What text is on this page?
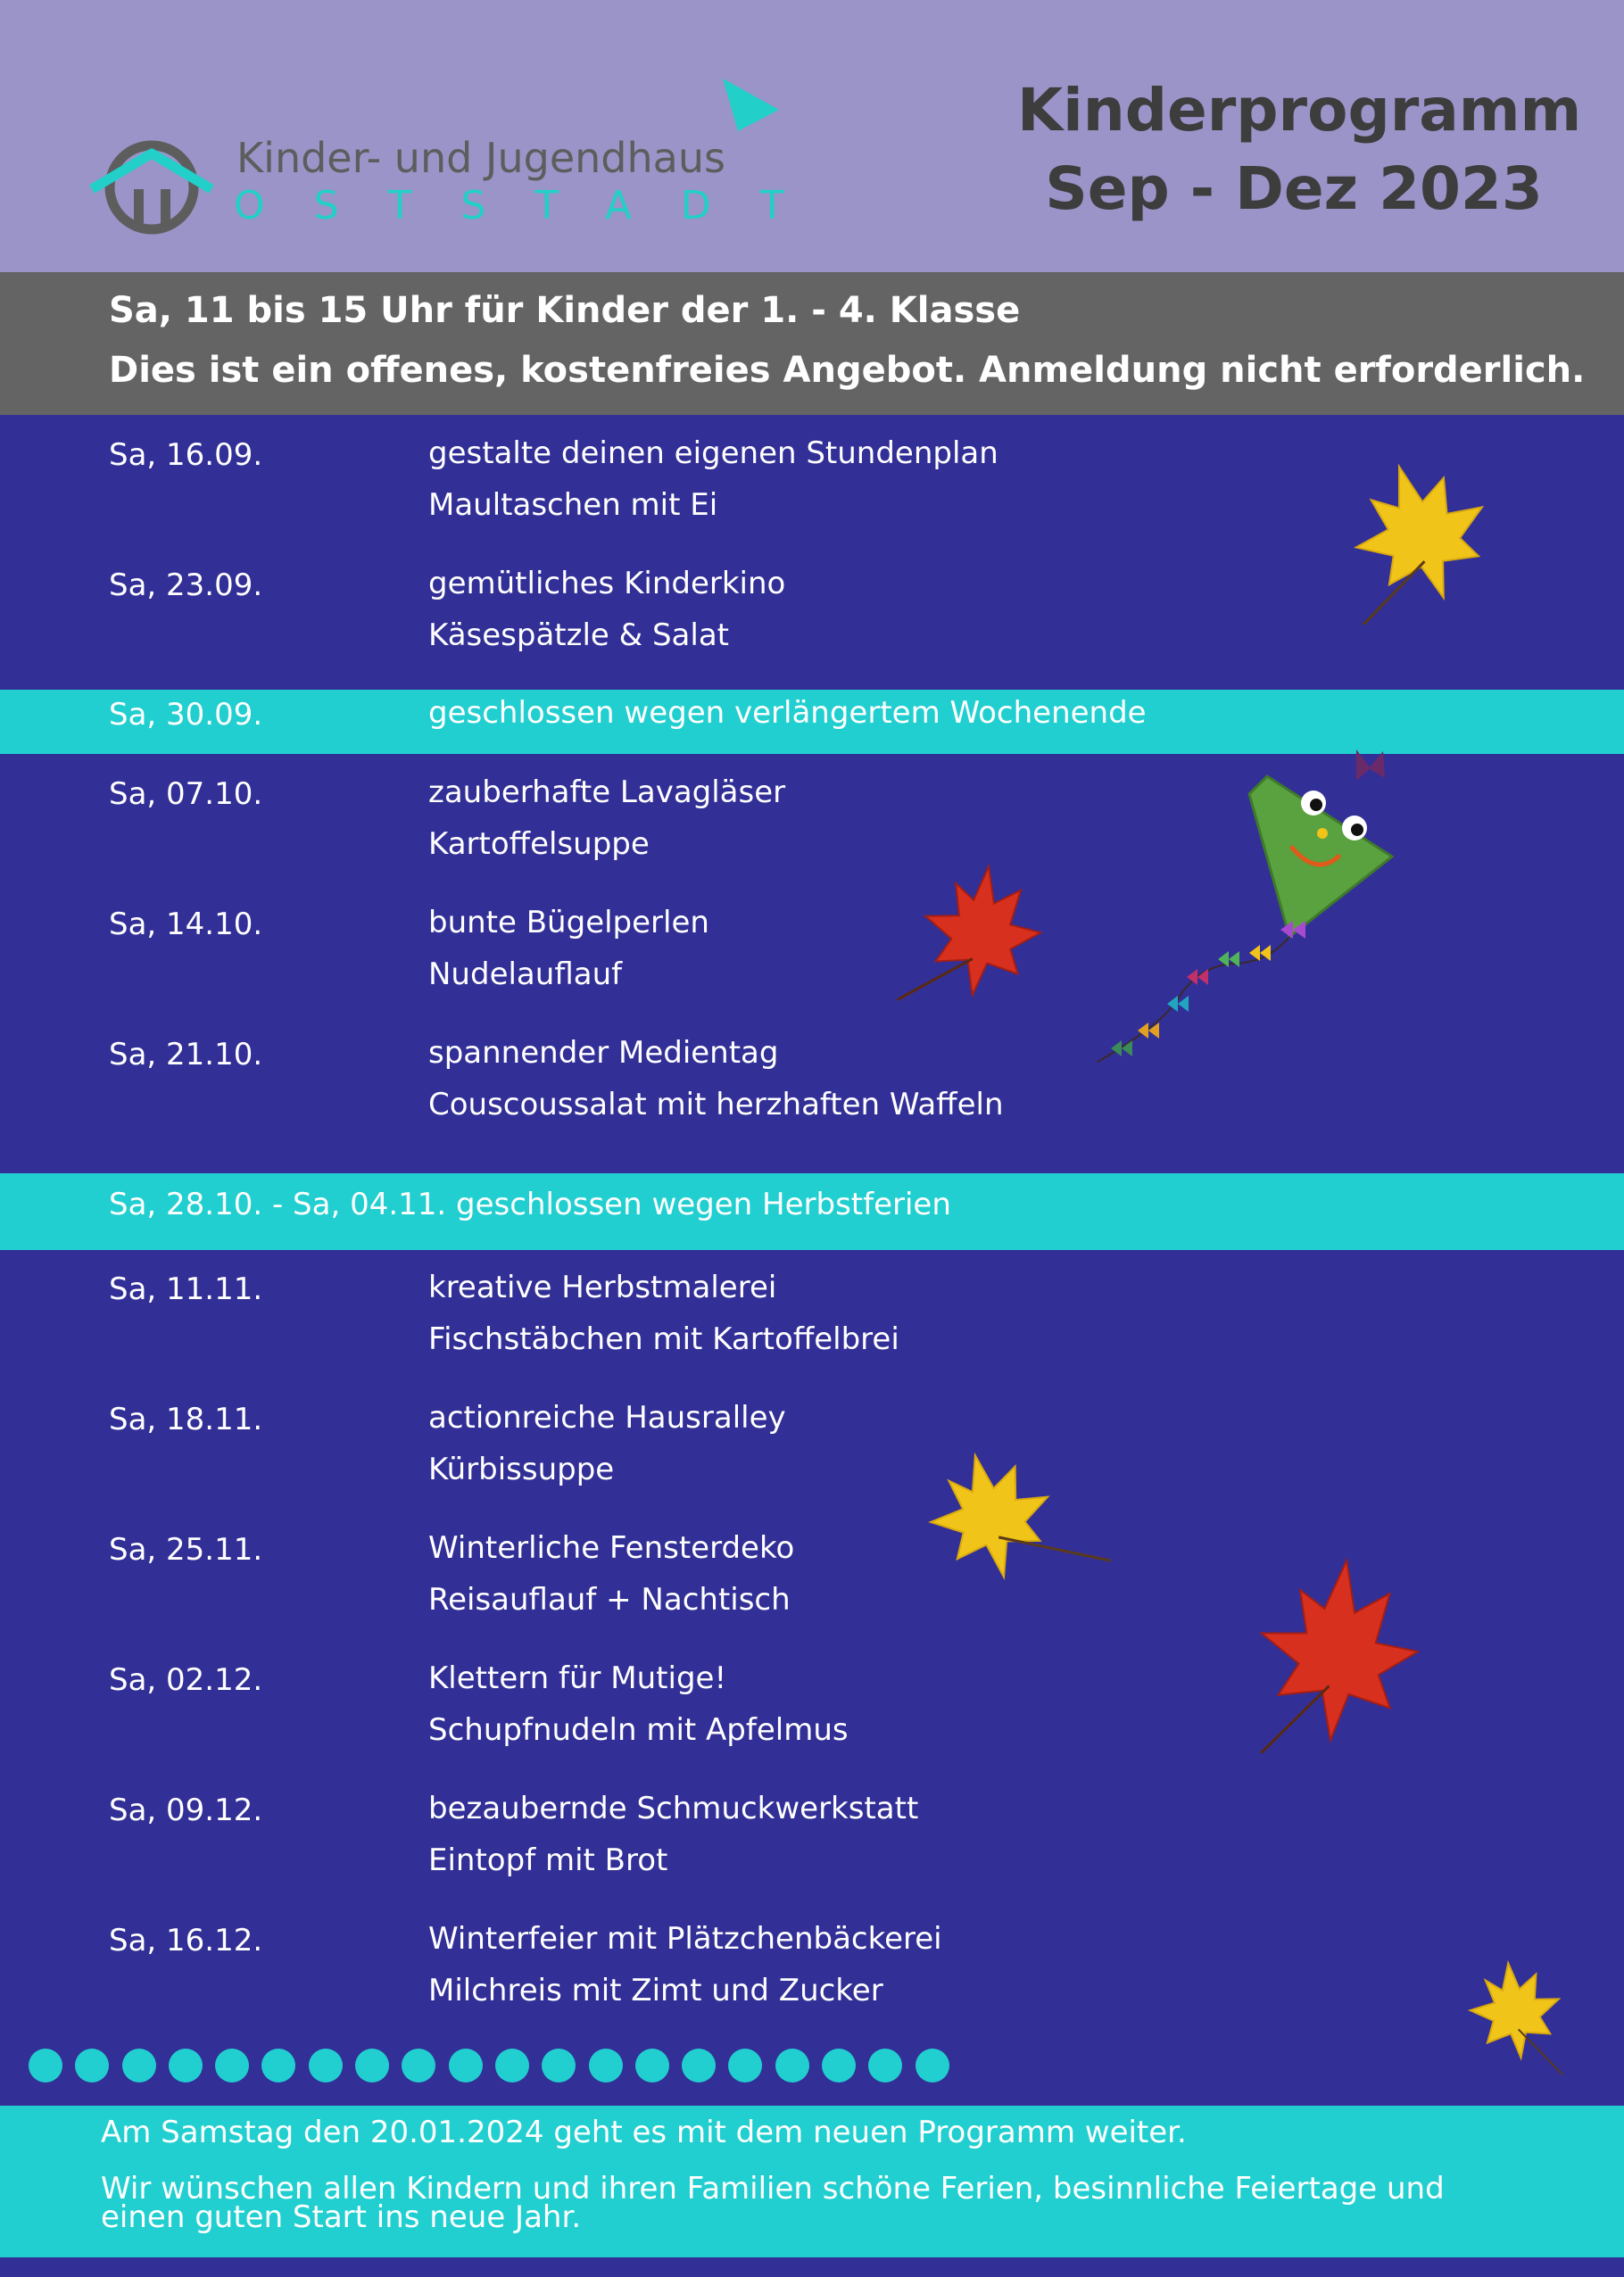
Kinder- und Jugendhaus
OSTSTADT
Kinderprogramm
Sep - Dez 2023
Sa, 11 bis 15 Uhr für Kinder der 1. - 4. Klasse
Dies ist ein offenes, kostenfreies Angebot. Anmeldung nicht erforderlich.
Sa, 16.09.	gestalte deinen eigenen Stundenplan
Maultaschen mit Ei
Sa, 23.09.	gemütliches Kinderkino
Käsespätzle & Salat
Sa, 30.09.	geschlossen wegen verlängertem Wochenende
Sa, 07.10.	zauberhafte Lavagläser
Kartoffelsuppe
Sa, 14.10.	bunte Bügelperlen
Nudelauflauf
Sa, 21.10.	spannender Medientag
Couscoussalat mit herzhaften Waffeln
Sa, 28.10. - Sa, 04.11. geschlossen wegen Herbstferien
Sa, 11.11.	kreative Herbstmalerei
Fischstäbchen mit Kartoffelbrei
Sa, 18.11.	actionreiche Hausralley
Kürbissuppe
Sa, 25.11.	Winterliche Fensterdeko
Reisauflauf + Nachtisch
Sa, 02.12.	Klettern für Mutige!
Schupfnudeln mit Apfelmus
Sa, 09.12.	bezaubernde Schmuckwerkstatt
Eintopf mit Brot
Sa, 16.12.	Winterfeier mit Plätzchenbäckerei
Milchreis mit Zimt und Zucker
Am Samstag den 20.01.2024 geht es mit dem neuen Programm weiter.
Wir wünschen allen Kindern und ihren Familien schöne Ferien, besinnliche Feiertage und
einen guten Start ins neue Jahr.
